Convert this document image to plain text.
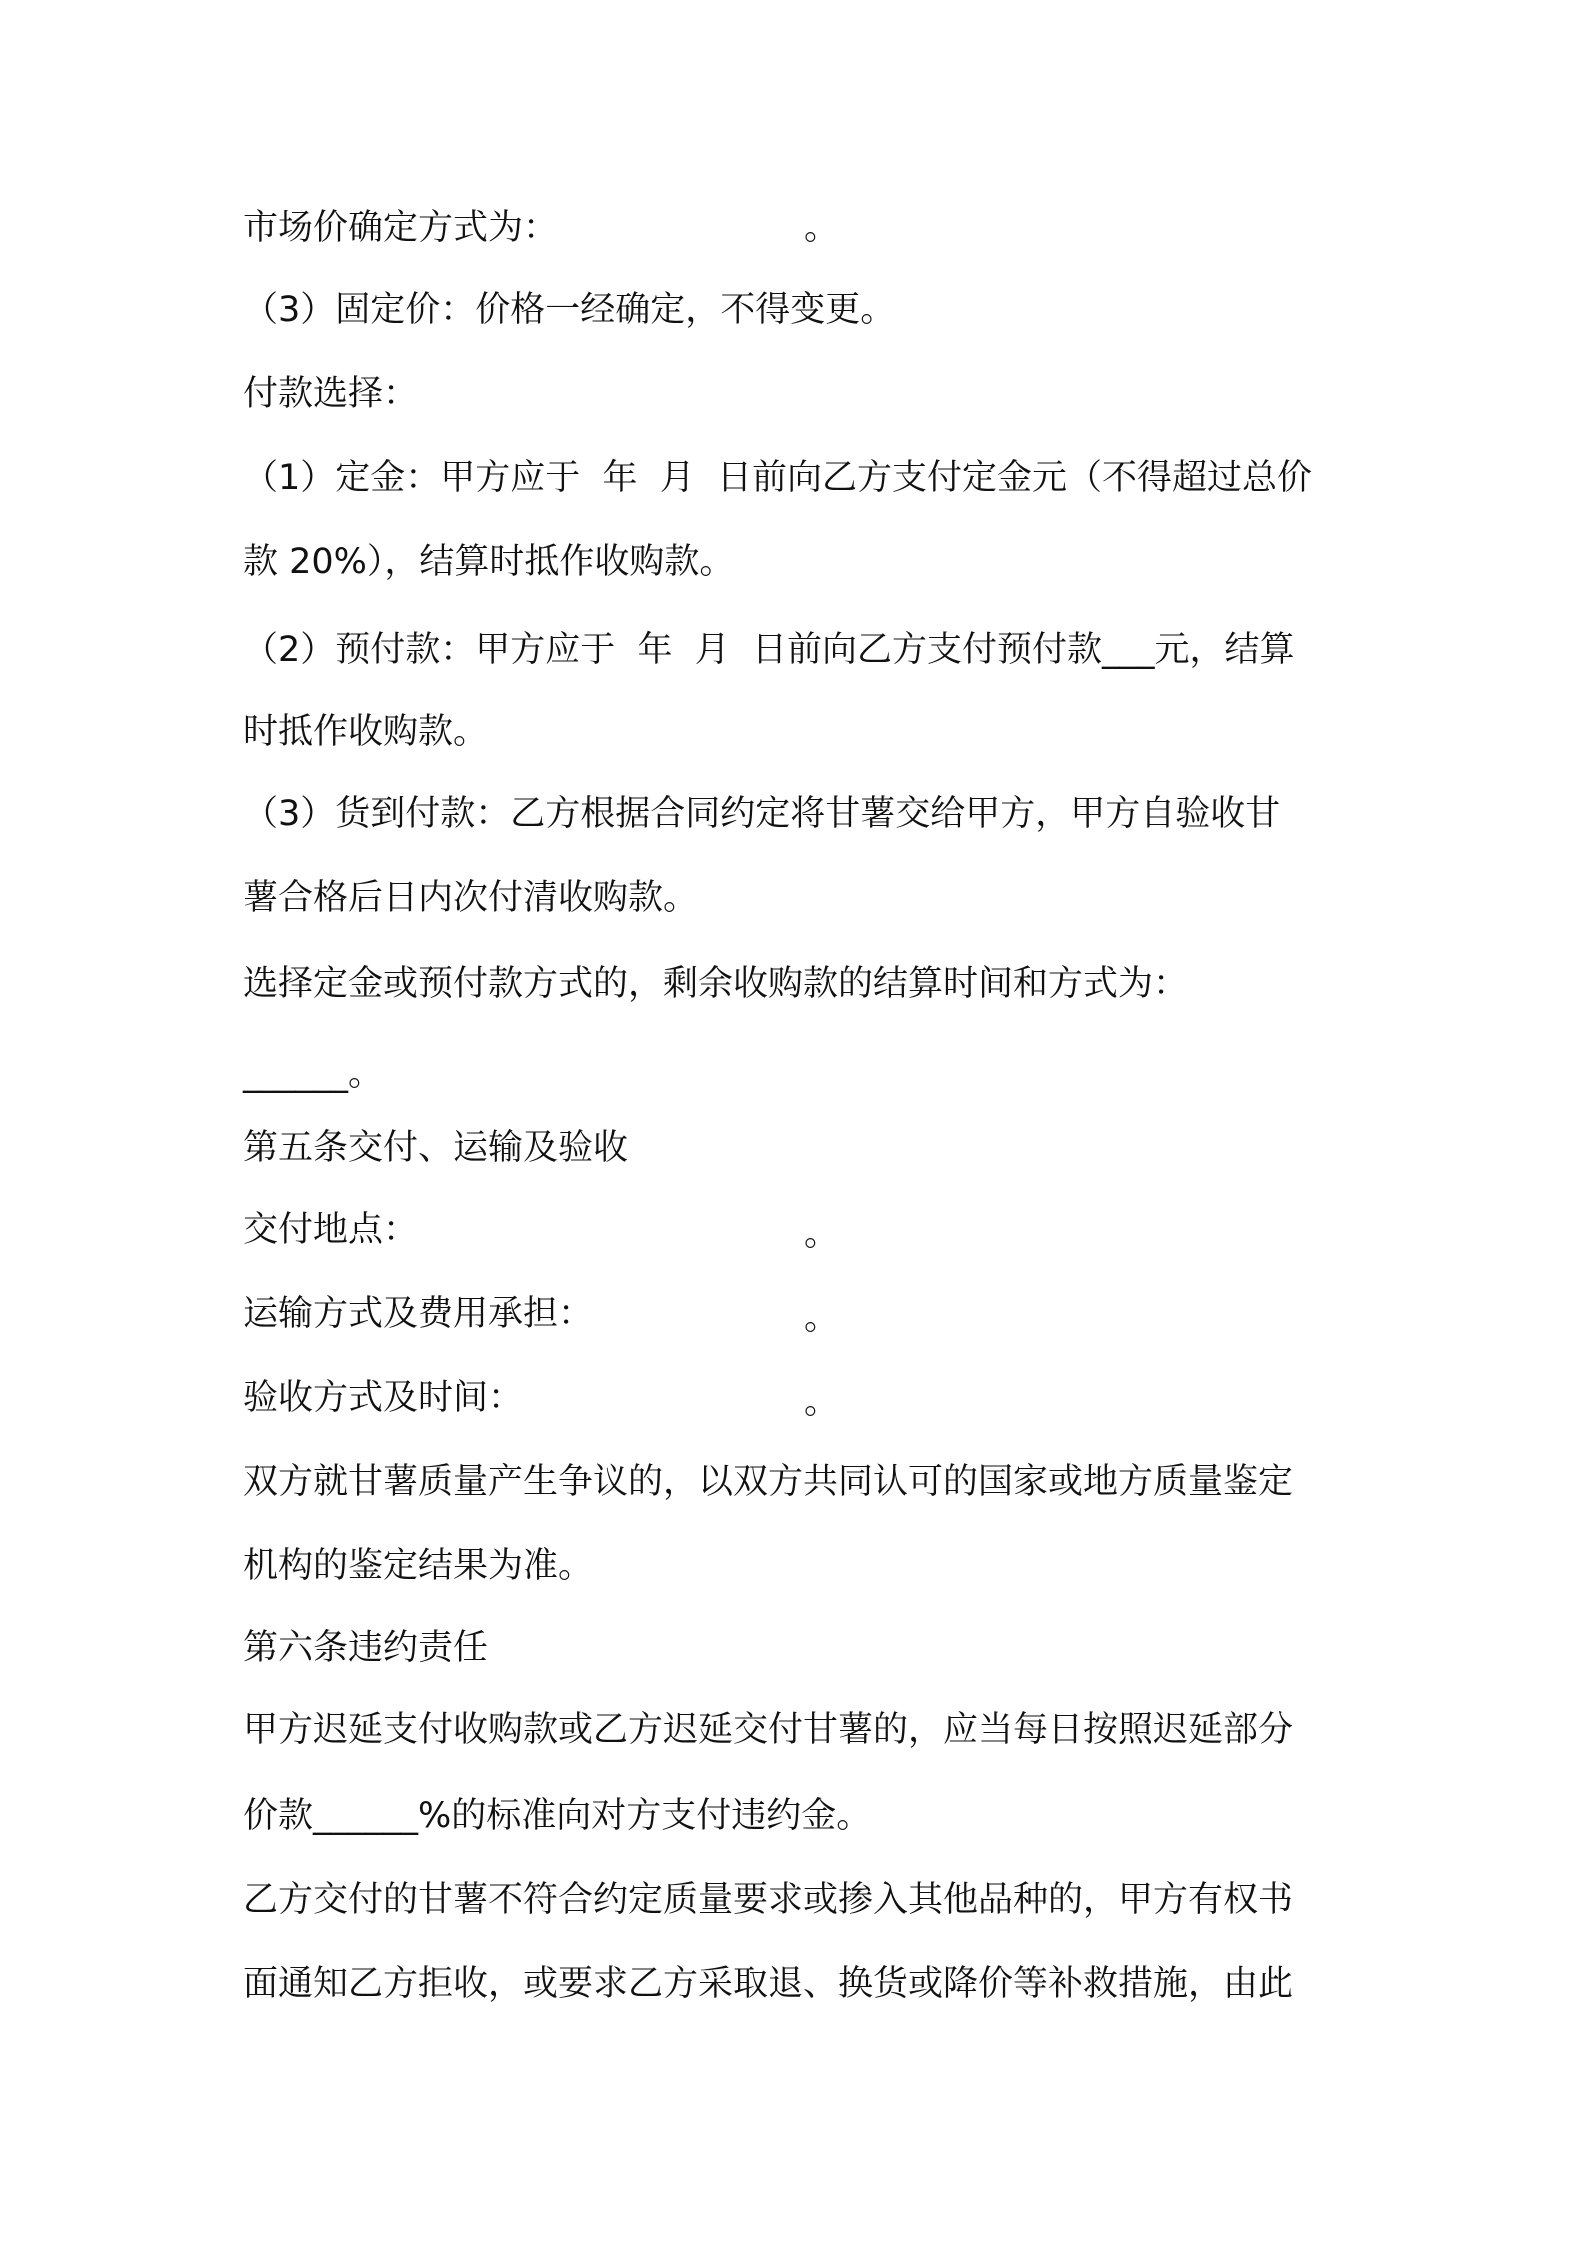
市场价确定方式为：	。
（3）固定价：价格一经确定，不得变更。
付款选择：
（1）定金：甲方应于  年  月  日前向乙方支付定金元（不得超过总价
款 20%），结算时抵作收购款。
（2）预付款：甲方应于  年  月  日前向乙方支付预付款___元，结算
时抵作收购款。
（3）货到付款：乙方根据合同约定将甘薯交给甲方，甲方自验收甘
薯合格后日内次付清收购款。
选择定金或预付款方式的，剩余收购款的结算时间和方式为：
______。
第五条交付、运输及验收
交付地点：	。
运输方式及费用承担：	。
验收方式及时间：	。
双方就甘薯质量产生争议的，以双方共同认可的国家或地方质量鉴定
机构的鉴定结果为准。
第六条违约责任
甲方迟延支付收购款或乙方迟延交付甘薯的，应当每日按照迟延部分
价款______%的标准向对方支付违约金。
乙方交付的甘薯不符合约定质量要求或掺入其他品种的，甲方有权书
面通知乙方拒收，或要求乙方采取退、换货或降价等补救措施，由此
